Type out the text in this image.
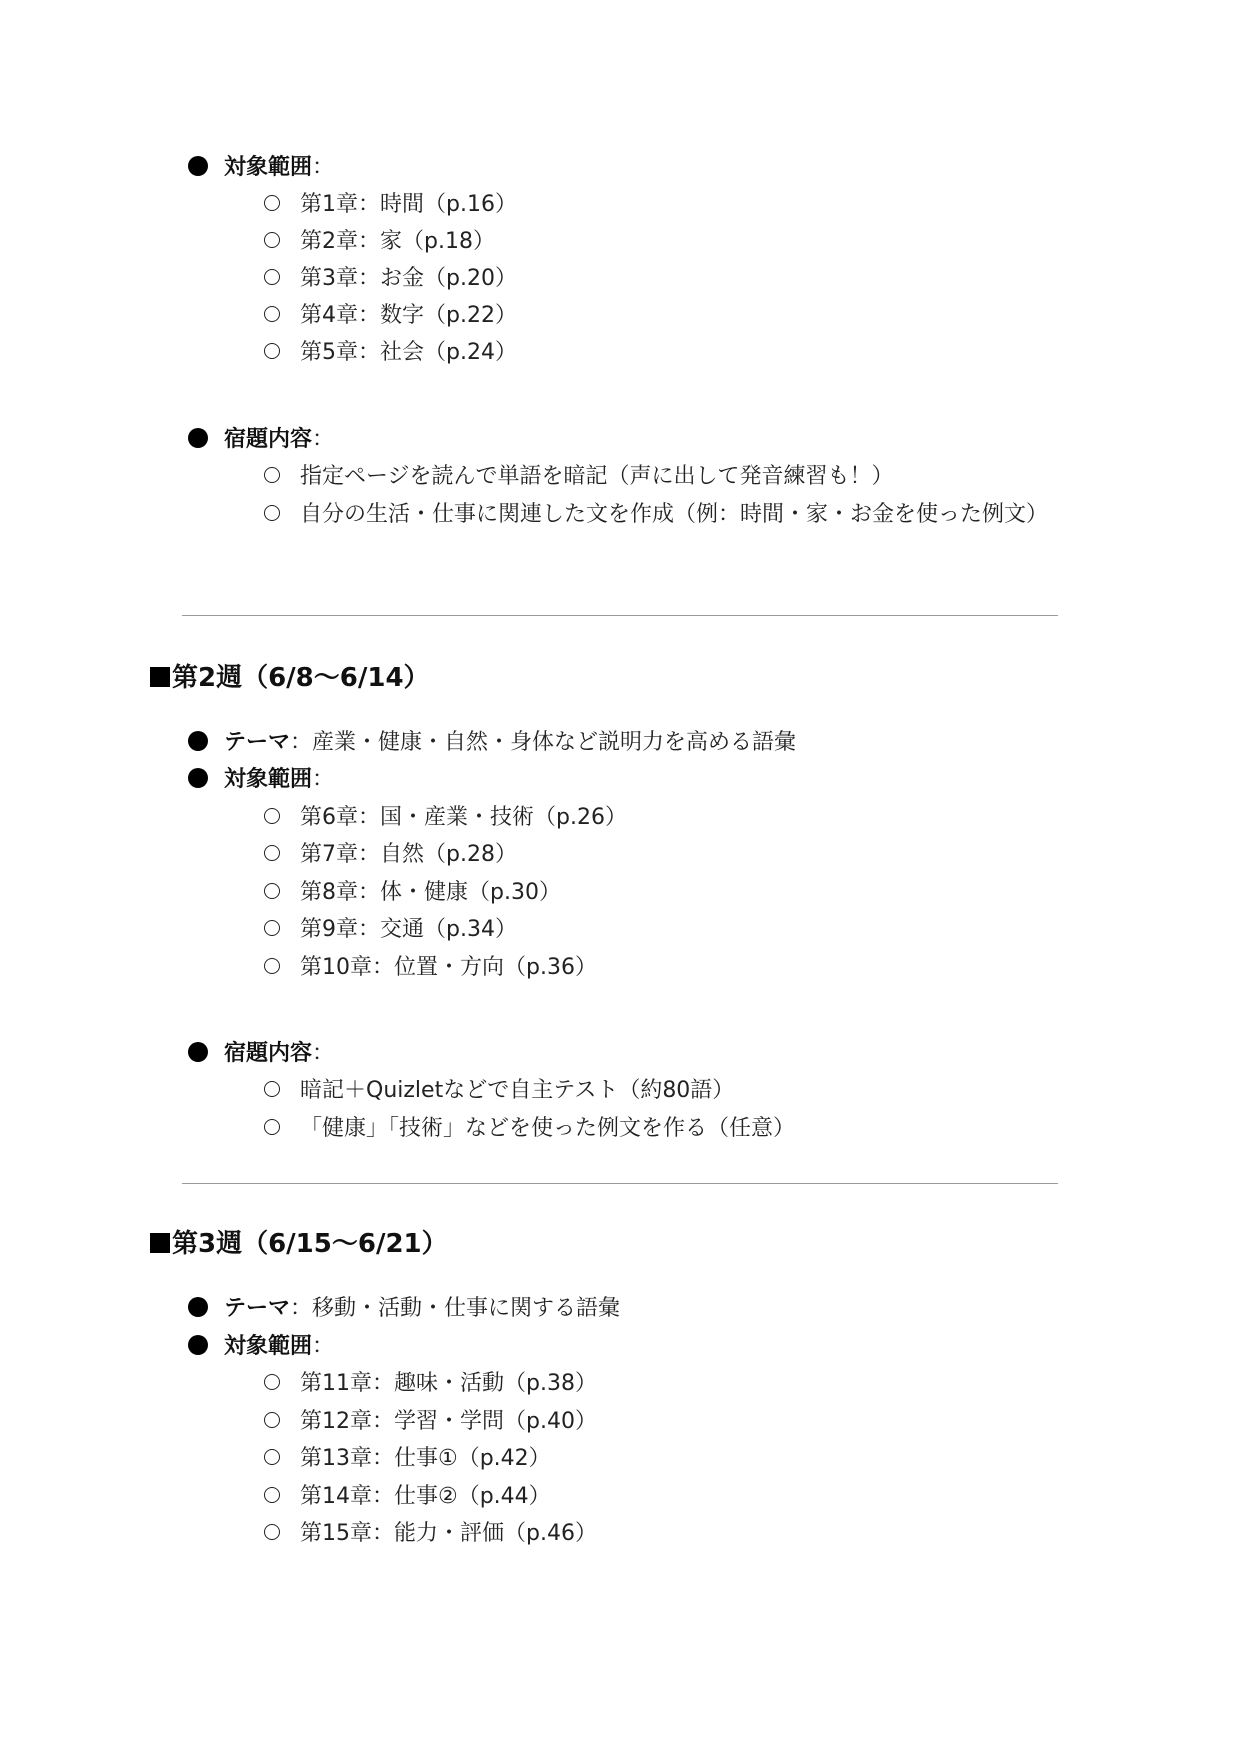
対象範囲：
第1章：時間（p.16）
第2章：家（p.18）
第3章：お金（p.20）
第4章：数字（p.22）
第5章：社会（p.24）
宿題内容：
指定ページを読んで単語を暗記（声に出して発音練習も！）
自分の生活・仕事に関連した文を作成（例：時間・家・お金を使った例文）
第2週（6/8〜6/14）
テーマ：産業・健康・自然・身体など説明力を高める語彙
対象範囲：
第6章：国・産業・技術（p.26）
第7章：自然（p.28）
第8章：体・健康（p.30）
第9章：交通（p.34）
第10章：位置・方向（p.36）
宿題内容：
暗記＋Quizletなどで自主テスト（約80語）
「健康」「技術」などを使った例文を作る（任意）
第3週（6/15〜6/21）
テーマ：移動・活動・仕事に関する語彙
対象範囲：
第11章：趣味・活動（p.38）
第12章：学習・学問（p.40）
第13章：仕事①（p.42）
第14章：仕事②（p.44）
第15章：能力・評価（p.46）
